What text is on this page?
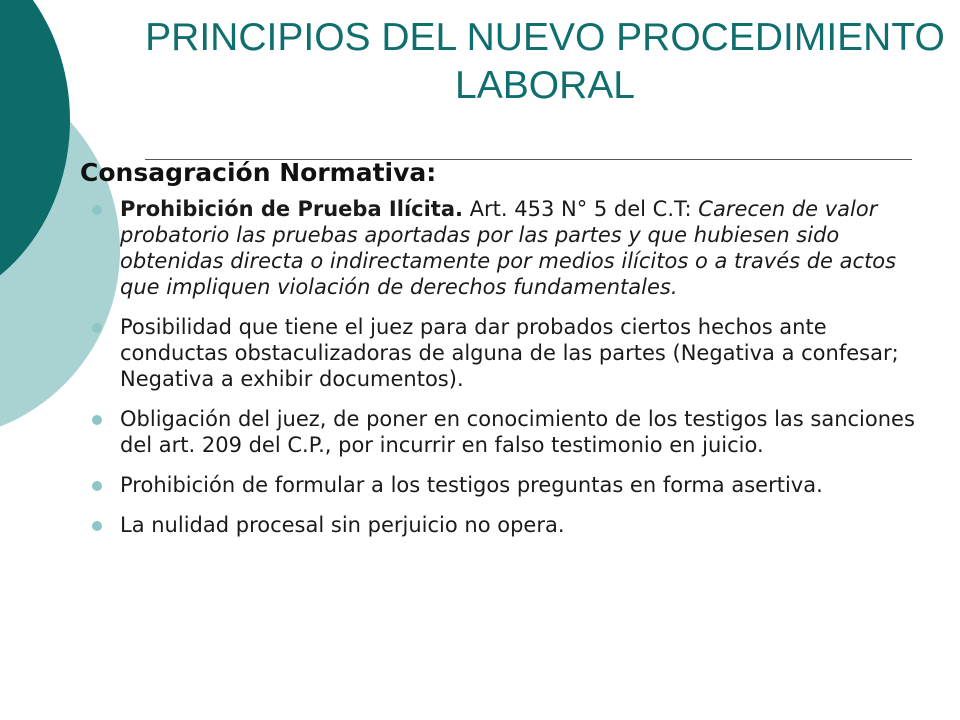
PRINCIPIOS DEL NUEVO PROCEDIMIENTO LABORAL
Consagración Normativa:
Prohibición de Prueba Ilícita. Art. 453 N° 5 del C.T: Carecen de valor probatorio las pruebas aportadas por las partes y que hubiesen sido obtenidas directa o indirectamente por medios ilícitos o a través de actos que impliquen violación de derechos fundamentales.
Posibilidad que tiene el juez para dar probados ciertos hechos ante conductas obstaculizadoras de alguna de las partes (Negativa a confesar; Negativa a exhibir documentos).
Obligación del juez, de poner en conocimiento de los testigos las sanciones del art. 209 del C.P., por incurrir en falso testimonio en juicio.
Prohibición de formular a los testigos preguntas en forma asertiva.
La nulidad procesal sin perjuicio no opera.
